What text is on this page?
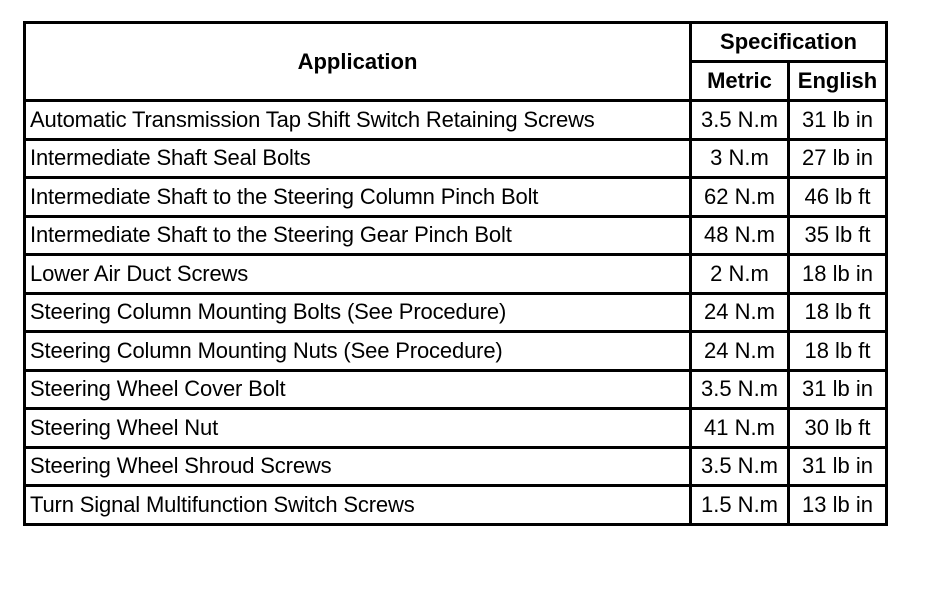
Application	Specification	
	Metric	English
Automatic Transmission Tap Shift Switch Retaining Screws	3.5 N.m	31 lb in
Intermediate Shaft Seal Bolts	3 N.m	27 lb in
Intermediate Shaft to the Steering Column Pinch Bolt	62 N.m	46 lb ft
Intermediate Shaft to the Steering Gear Pinch Bolt	48 N.m	35 lb ft
Lower Air Duct Screws	2 N.m	18 lb in
Steering Column Mounting Bolts (See Procedure)	24 N.m	18 lb ft
Steering Column Mounting Nuts (See Procedure)	24 N.m	18 lb ft
Steering Wheel Cover Bolt	3.5 N.m	31 lb in
Steering Wheel Nut	41 N.m	30 lb ft
Steering Wheel Shroud Screws	3.5 N.m	31 lb in
Turn Signal Multifunction Switch Screws	1.5 N.m	13 lb in
